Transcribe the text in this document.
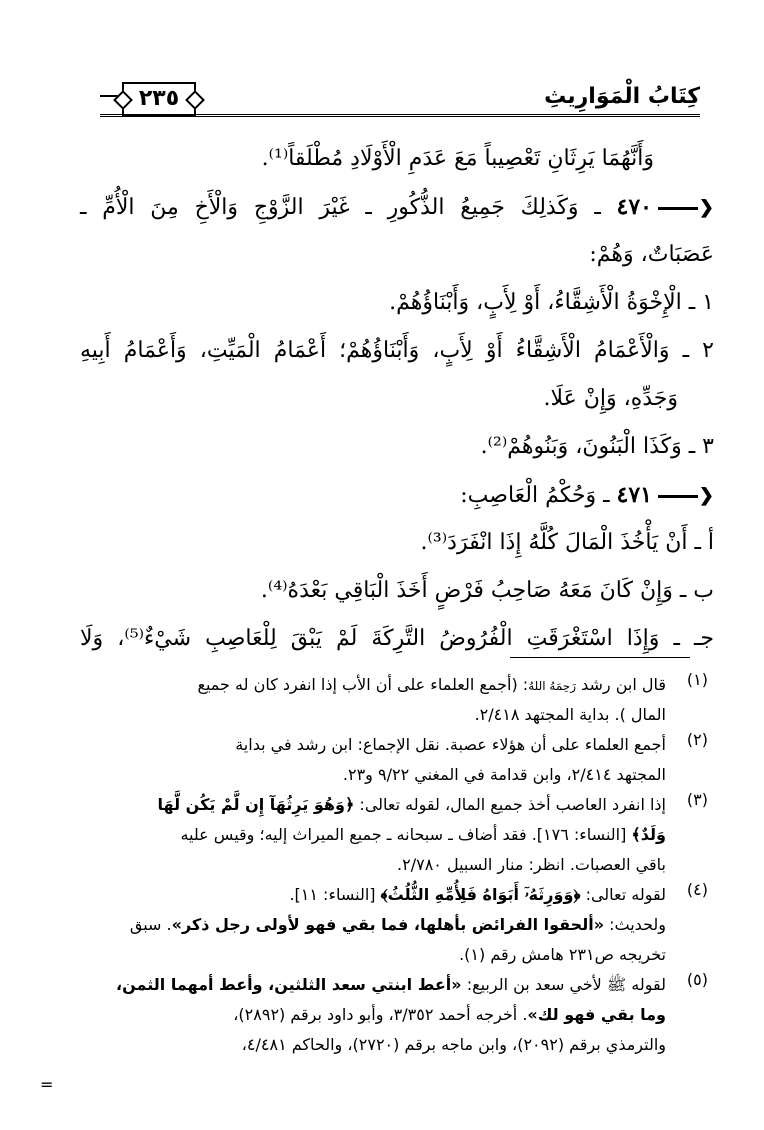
كِتَابُ الْمَوَارِيثِ
٢٣٥
وَأَنَّهُمَا يَرِثَانِ تَعْصِيباً مَعَ عَدَمِ الْأَوْلَادِ مُطْلَقاً⁽¹⁾.
❮
٤٧٠ ـ وَكَذلِكَ جَمِيعُ الذُّكُورِ ـ غَيْرَ الزَّوْجِ وَالْأَخِ مِنَ الْأُمِّ ـ
عَصَبَاتٌ، وَهُمْ:
١ ـ الْإِخْوَةُ الْأَشِقَّاءُ، أَوْ لِأَبٍ، وَأَبْنَاؤُهُمْ.
٢ ـ وَالْأَعْمَامُ الْأَشِقَّاءُ أَوْ لِأَبٍ، وَأَبْنَاؤُهُمْ؛ أَعْمَامُ الْمَيِّتِ، وَأَعْمَامُ أَبِيهِ
وَجَدِّهِ، وَإِنْ عَلَا.
٣ ـ وَكَذَا الْبَنُونَ، وَبَنُوهُمْ⁽²⁾.
❮
٤٧١ ـ وَحُكْمُ الْعَاصِبِ:
أ ـ أَنْ يَأْخُذَ الْمَالَ كُلَّهُ إِذَا انْفَرَدَ⁽³⁾.
ب ـ وَإِنْ كَانَ مَعَهُ صَاحِبُ فَرْضٍ أَخَذَ الْبَاقِي بَعْدَهُ⁽⁴⁾.
جـ ـ وَإِذَا اسْتَغْرَقَتِ الْفُرُوضُ التَّرِكَةَ لَمْ يَبْقَ لِلْعَاصِبِ شَيْءٌ⁽⁵⁾، وَلَا
(١)
قال ابن رشد رَحِمَهُ اللهُ: (أجمع العلماء على أن الأب إذا انفرد كان له جميع
المال ). بداية المجتهد ٢/٤١٨.
(٢)
أجمع العلماء على أن هؤلاء عصبة. نقل الإجماع: ابن رشد في بداية
المجتهد ٢/٤١٤، وابن قدامة في المغني ٩/٢٢ و٢٣.
(٣)
إذا انفرد العاصب أخذ جميع المال، لقوله تعالى: ﴿وَهُوَ يَرِثُهَآ إِن لَّمْ يَكُن لَّهَا
وَلَدٌ﴾ [النساء: ١٧٦]. فقد أضاف ـ سبحانه ـ جميع الميراث إليه؛ وقيس عليه
باقي العصبات. انظر: منار السبيل ٢/٧٨٠.
(٤)
لقوله تعالى: ﴿وَوَرِثَهُۥٓ أَبَوَاهُ فَلِأُمِّهِ الثُّلُثُ﴾ [النساء: ١١].
ولحديث: «ألحقوا الفرائض بأهلها، فما بقي فهو لأولى رجل ذكر». سبق
تخريجه ص٢٣١ هامش رقم (١).
(٥)
لقوله ﷺ لأخي سعد بن الربيع: «أعط ابنتي سعد الثلثين، وأعط أمهما الثمن،
وما بقي فهو لك». أخرجه أحمد ٣/٣٥٢، وأبو داود برقم (٢٨٩٢)،
والترمذي برقم (٢٠٩٢)، وابن ماجه برقم (٢٧٢٠)، والحاكم ٤/٤٨١،
=
